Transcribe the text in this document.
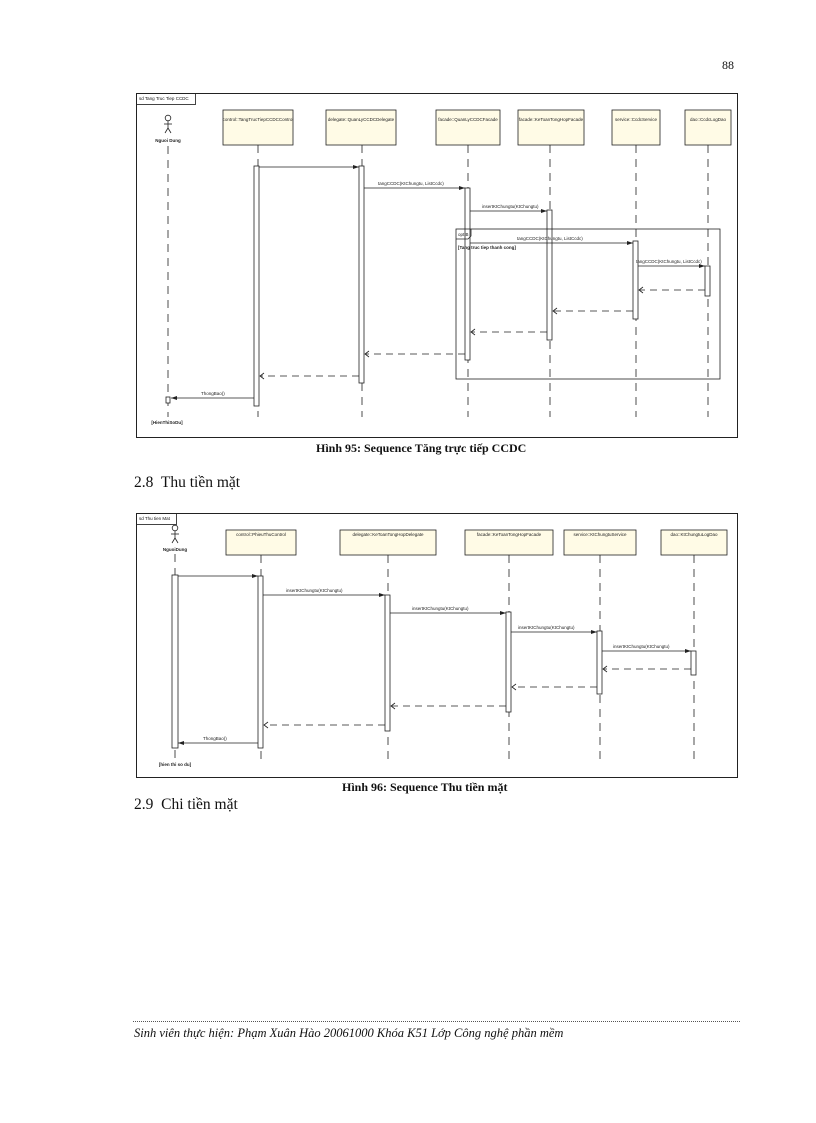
88
sd Tang Truc Tiep CCDC
Nguoi Dung
[HienThiSoDu]
control::TangTrucTiepCCDCControl	delegate::QuanLyCCDCDelegate	facade::QuanLyCCDCFacade	facade::KeToanTongHopFacade	service::CcdcService	dao::CcdcLogDao
tangCCDC(KtChungtu, ListCcdc)
insertKtChungtu(KtChungtu)
tangCCDC(KtChungtu, ListCcdc)
tangCCDC(KtChungtu, ListCcdc)
ThongBao()
opt B
[Tang truc tiep thanh cong]
Hình 95: Sequence Tăng trực tiếp CCDC
2.8 Thu tiền mặt
sd Thu tien Mat
NguoiDung
[hien thi so du]
control::PhieuThuControl	delegate::KeToanTongHopDelegate	facade::KeToanTongHopFacade	service::KtChungtuService	dao::KtChungtuLogDao
insertKtChungtu(KtChungtu)
insertKtChungtu(KtChungtu)
insertKtChungtu(KtChungtu)
insertKtChungtu(KtChungtu)
ThongBao()
Hình 96: Sequence Thu tiền mặt
2.9 Chi tiền mặt
Sinh viên thực hiện: Phạm Xuân Hào 20061000 Khóa K51 Lớp Công nghệ phần mềm
